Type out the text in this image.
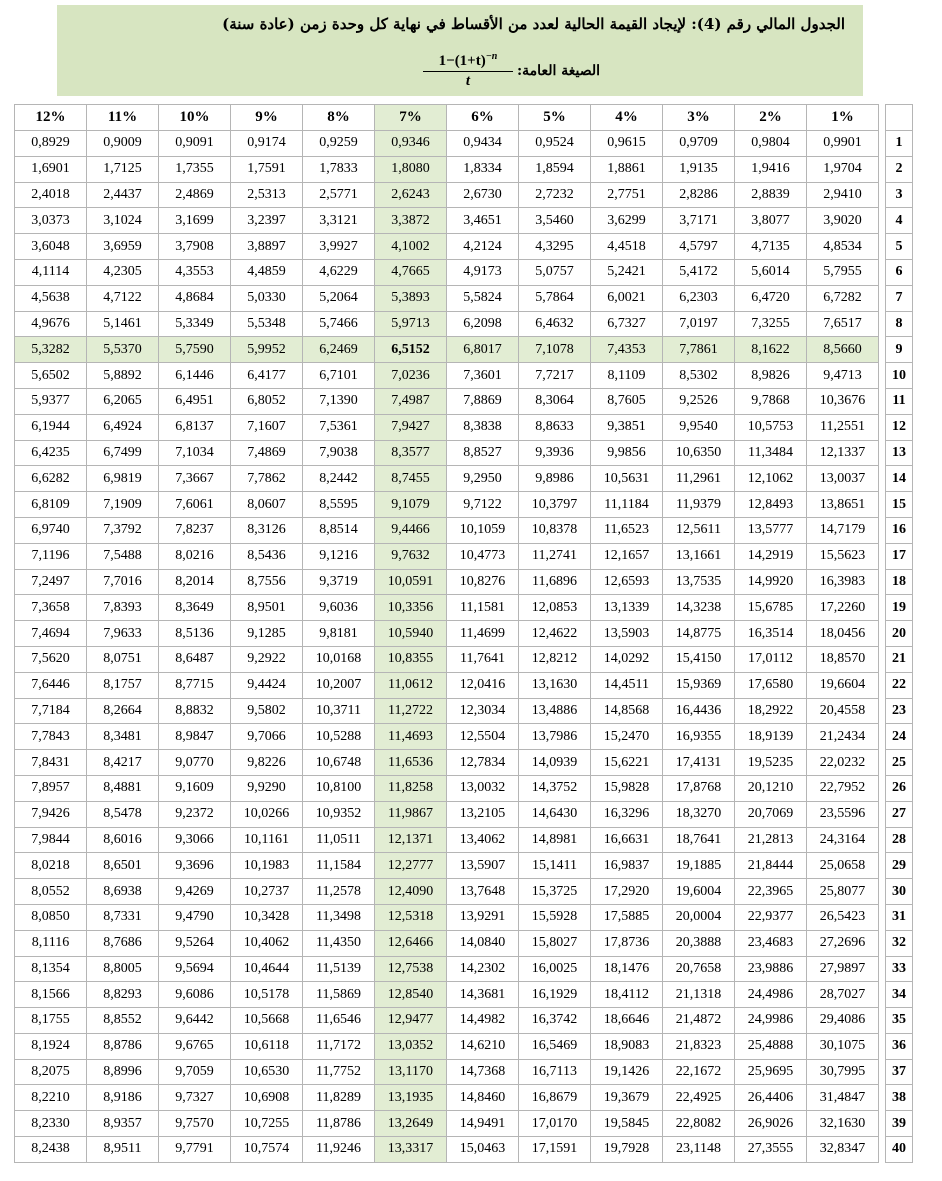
الجدول المالي رقم (4): لإيجاد القيمة الحالية لعدد من الأقساط في نهاية كل وحدة زمن (عادة سنة)
$\frac{1-(1+t)^{-n}}{t}$ الصيغة العامة:
12%	11%	10%	9%	8%	7%	6%	5%	4%	3%	2%	1%		
0,8929	0,9009	0,9091	0,9174	0,9259	0,9346	0,9434	0,9524	0,9615	0,9709	0,9804	0,9901		1
1,6901	1,7125	1,7355	1,7591	1,7833	1,8080	1,8334	1,8594	1,8861	1,9135	1,9416	1,9704		2
2,4018	2,4437	2,4869	2,5313	2,5771	2,6243	2,6730	2,7232	2,7751	2,8286	2,8839	2,9410		3
3,0373	3,1024	3,1699	3,2397	3,3121	3,3872	3,4651	3,5460	3,6299	3,7171	3,8077	3,9020		4
3,6048	3,6959	3,7908	3,8897	3,9927	4,1002	4,2124	4,3295	4,4518	4,5797	4,7135	4,8534		5
4,1114	4,2305	4,3553	4,4859	4,6229	4,7665	4,9173	5,0757	5,2421	5,4172	5,6014	5,7955		6
4,5638	4,7122	4,8684	5,0330	5,2064	5,3893	5,5824	5,7864	6,0021	6,2303	6,4720	6,7282		7
4,9676	5,1461	5,3349	5,5348	5,7466	5,9713	6,2098	6,4632	6,7327	7,0197	7,3255	7,6517		8
5,3282	5,5370	5,7590	5,9952	6,2469	6,5152	6,8017	7,1078	7,4353	7,7861	8,1622	8,5660		9
5,6502	5,8892	6,1446	6,4177	6,7101	7,0236	7,3601	7,7217	8,1109	8,5302	8,9826	9,4713		10
5,9377	6,2065	6,4951	6,8052	7,1390	7,4987	7,8869	8,3064	8,7605	9,2526	9,7868	10,3676		11
6,1944	6,4924	6,8137	7,1607	7,5361	7,9427	8,3838	8,8633	9,3851	9,9540	10,5753	11,2551		12
6,4235	6,7499	7,1034	7,4869	7,9038	8,3577	8,8527	9,3936	9,9856	10,6350	11,3484	12,1337		13
6,6282	6,9819	7,3667	7,7862	8,2442	8,7455	9,2950	9,8986	10,5631	11,2961	12,1062	13,0037		14
6,8109	7,1909	7,6061	8,0607	8,5595	9,1079	9,7122	10,3797	11,1184	11,9379	12,8493	13,8651		15
6,9740	7,3792	7,8237	8,3126	8,8514	9,4466	10,1059	10,8378	11,6523	12,5611	13,5777	14,7179		16
7,1196	7,5488	8,0216	8,5436	9,1216	9,7632	10,4773	11,2741	12,1657	13,1661	14,2919	15,5623		17
7,2497	7,7016	8,2014	8,7556	9,3719	10,0591	10,8276	11,6896	12,6593	13,7535	14,9920	16,3983		18
7,3658	7,8393	8,3649	8,9501	9,6036	10,3356	11,1581	12,0853	13,1339	14,3238	15,6785	17,2260		19
7,4694	7,9633	8,5136	9,1285	9,8181	10,5940	11,4699	12,4622	13,5903	14,8775	16,3514	18,0456		20
7,5620	8,0751	8,6487	9,2922	10,0168	10,8355	11,7641	12,8212	14,0292	15,4150	17,0112	18,8570		21
7,6446	8,1757	8,7715	9,4424	10,2007	11,0612	12,0416	13,1630	14,4511	15,9369	17,6580	19,6604		22
7,7184	8,2664	8,8832	9,5802	10,3711	11,2722	12,3034	13,4886	14,8568	16,4436	18,2922	20,4558		23
7,7843	8,3481	8,9847	9,7066	10,5288	11,4693	12,5504	13,7986	15,2470	16,9355	18,9139	21,2434		24
7,8431	8,4217	9,0770	9,8226	10,6748	11,6536	12,7834	14,0939	15,6221	17,4131	19,5235	22,0232		25
7,8957	8,4881	9,1609	9,9290	10,8100	11,8258	13,0032	14,3752	15,9828	17,8768	20,1210	22,7952		26
7,9426	8,5478	9,2372	10,0266	10,9352	11,9867	13,2105	14,6430	16,3296	18,3270	20,7069	23,5596		27
7,9844	8,6016	9,3066	10,1161	11,0511	12,1371	13,4062	14,8981	16,6631	18,7641	21,2813	24,3164		28
8,0218	8,6501	9,3696	10,1983	11,1584	12,2777	13,5907	15,1411	16,9837	19,1885	21,8444	25,0658		29
8,0552	8,6938	9,4269	10,2737	11,2578	12,4090	13,7648	15,3725	17,2920	19,6004	22,3965	25,8077		30
8,0850	8,7331	9,4790	10,3428	11,3498	12,5318	13,9291	15,5928	17,5885	20,0004	22,9377	26,5423		31
8,1116	8,7686	9,5264	10,4062	11,4350	12,6466	14,0840	15,8027	17,8736	20,3888	23,4683	27,2696		32
8,1354	8,8005	9,5694	10,4644	11,5139	12,7538	14,2302	16,0025	18,1476	20,7658	23,9886	27,9897		33
8,1566	8,8293	9,6086	10,5178	11,5869	12,8540	14,3681	16,1929	18,4112	21,1318	24,4986	28,7027		34
8,1755	8,8552	9,6442	10,5668	11,6546	12,9477	14,4982	16,3742	18,6646	21,4872	24,9986	29,4086		35
8,1924	8,8786	9,6765	10,6118	11,7172	13,0352	14,6210	16,5469	18,9083	21,8323	25,4888	30,1075		36
8,2075	8,8996	9,7059	10,6530	11,7752	13,1170	14,7368	16,7113	19,1426	22,1672	25,9695	30,7995		37
8,2210	8,9186	9,7327	10,6908	11,8289	13,1935	14,8460	16,8679	19,3679	22,4925	26,4406	31,4847		38
8,2330	8,9357	9,7570	10,7255	11,8786	13,2649	14,9491	17,0170	19,5845	22,8082	26,9026	32,1630		39
8,2438	8,9511	9,7791	10,7574	11,9246	13,3317	15,0463	17,1591	19,7928	23,1148	27,3555	32,8347		40
